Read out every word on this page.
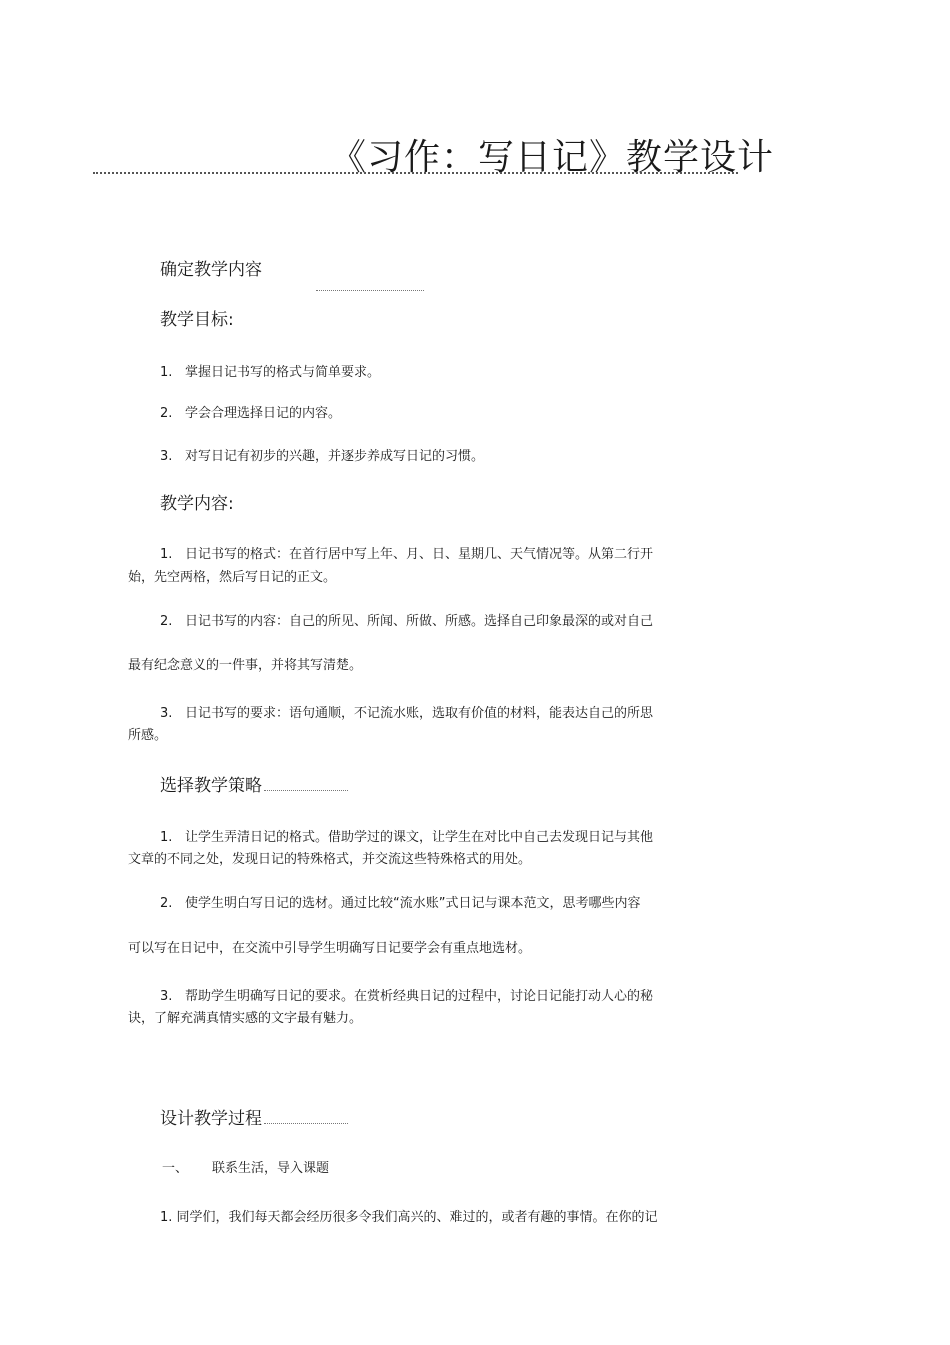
《习作：写日记》教学设计
确定教学内容
教学目标:
1. 掌握日记书写的格式与简单要求。
2. 学会合理选择日记的内容。
3. 对写日记有初步的兴趣，并逐步养成写日记的习惯。
教学内容:
1. 日记书写的格式：在首行居中写上年、月、日、星期几、天气情况等。从第二行开
始，先空两格，然后写日记的正文。
2. 日记书写的内容：自己的所见、所闻、所做、所感。选择自己印象最深的或对自己
最有纪念意义的一件事，并将其写清楚。
3. 日记书写的要求：语句通顺，不记流水账，选取有价值的材料，能表达自己的所思
所感。
选择教学策略
1. 让学生弄清日记的格式。借助学过的课文，让学生在对比中自己去发现日记与其他
文章的不同之处，发现日记的特殊格式，并交流这些特殊格式的用处。
2. 使学生明白写日记的选材。通过比较“流水账”式日记与课本范文，思考哪些内容
可以写在日记中，在交流中引导学生明确写日记要学会有重点地选材。
3. 帮助学生明确写日记的要求。在赏析经典日记的过程中，讨论日记能打动人心的秘
诀，了解充满真情实感的文字最有魅力。
设计教学过程
一、 联系生活，导入课题
1. 同学们，我们每天都会经历很多令我们高兴的、难过的，或者有趣的事情。在你的记
